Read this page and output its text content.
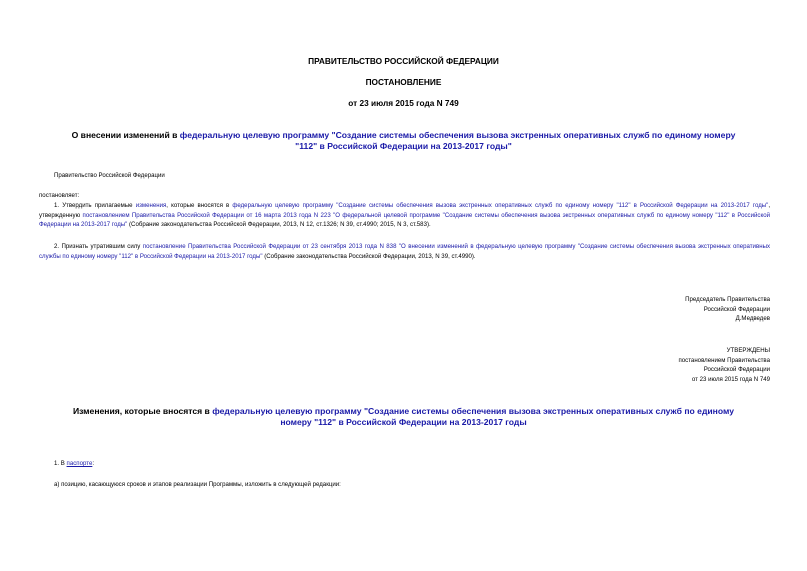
ПРАВИТЕЛЬСТВО РОССИЙСКОЙ ФЕДЕРАЦИИ
ПОСТАНОВЛЕНИЕ
от 23 июля 2015 года N 749
О внесении изменений в федеральную целевую программу "Создание системы обеспечения вызова экстренных оперативных служб по единому номеру "112" в Российской Федерации на 2013-2017 годы"
Правительство Российской Федерации
постановляет:
1. Утвердить прилагаемые изменения, которые вносятся в федеральную целевую программу "Создание системы обеспечения вызова экстренных оперативных служб по единому номеру "112" в Российской Федерации на 2013-2017 годы", утвержденную постановлением Правительства Российской Федерации от 16 марта 2013 года N 223 "О федеральной целевой программе "Создание системы обеспечения вызова экстренных оперативных служб по единому номеру "112" в Российской Федерации на 2013-2017 годы" (Собрание законодательства Российской Федерации, 2013, N 12, ст.1326; N 39, ст.4990; 2015, N 3, ст.583).
2. Признать утратившим силу постановление Правительства Российской Федерации от 23 сентября 2013 года N 838 "О внесении изменений в федеральную целевую программу "Создание системы обеспечения вызова экстренных оперативных службы по единому номеру "112" в Российской Федерации на 2013-2017 годы" (Собрание законодательства Российской Федерации, 2013, N 39, ст.4990).
Председатель Правительства
Российской Федерации
Д.Медведев
УТВЕРЖДЕНЫ
постановлением Правительства
Российской Федерации
от 23 июля 2015 года N 749
Изменения, которые вносятся в федеральную целевую программу "Создание системы обеспечения вызова экстренных оперативных служб по единому номеру "112" в Российской Федерации на 2013-2017 годы
1. В паспорте:
а) позицию, касающуюся сроков и этапов реализации Программы, изложить в следующей редакции:
